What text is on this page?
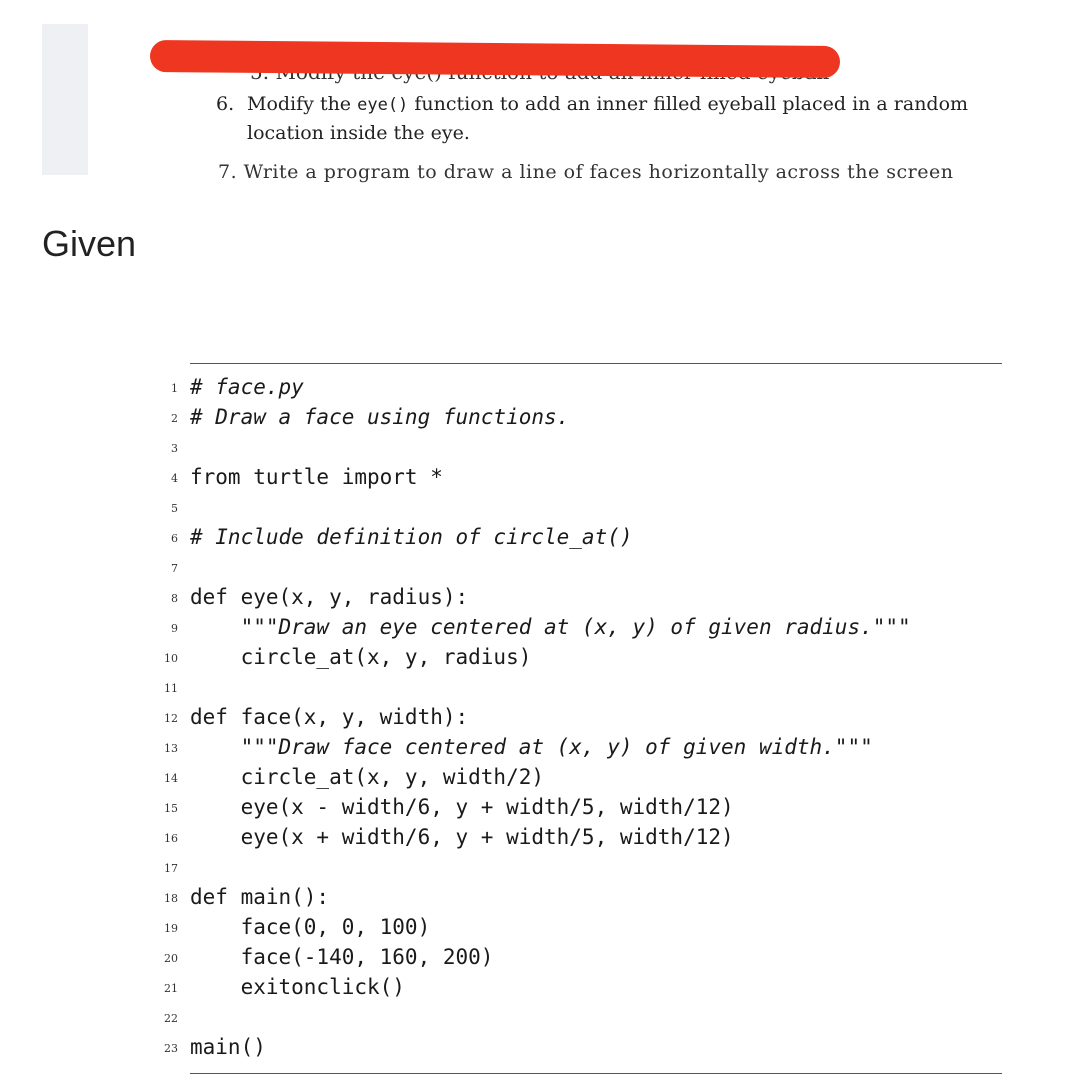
6. Modify the eye() function to add an inner filled eyeball placed in a random location inside the eye.
7. Write a program to draw a line of faces horizontally across the screen
Given
1 # face.py
2 # Draw a face using functions.
3
4 from turtle import *
5
6 # Include definition of circle_at()
7
8 def eye(x, y, radius):
9 """Draw an eye centered at (x, y) of given radius."""
10 circle_at(x, y, radius)
11
12 def face(x, y, width):
13 """Draw face centered at (x, y) of given width."""
14 circle_at(x, y, width/2)
15 eye(x - width/6, y + width/5, width/12)
16 eye(x + width/6, y + width/5, width/12)
17
18 def main():
19 face(0, 0, 100)
20 face(-140, 160, 200)
21 exitonclick()
22
23 main()
